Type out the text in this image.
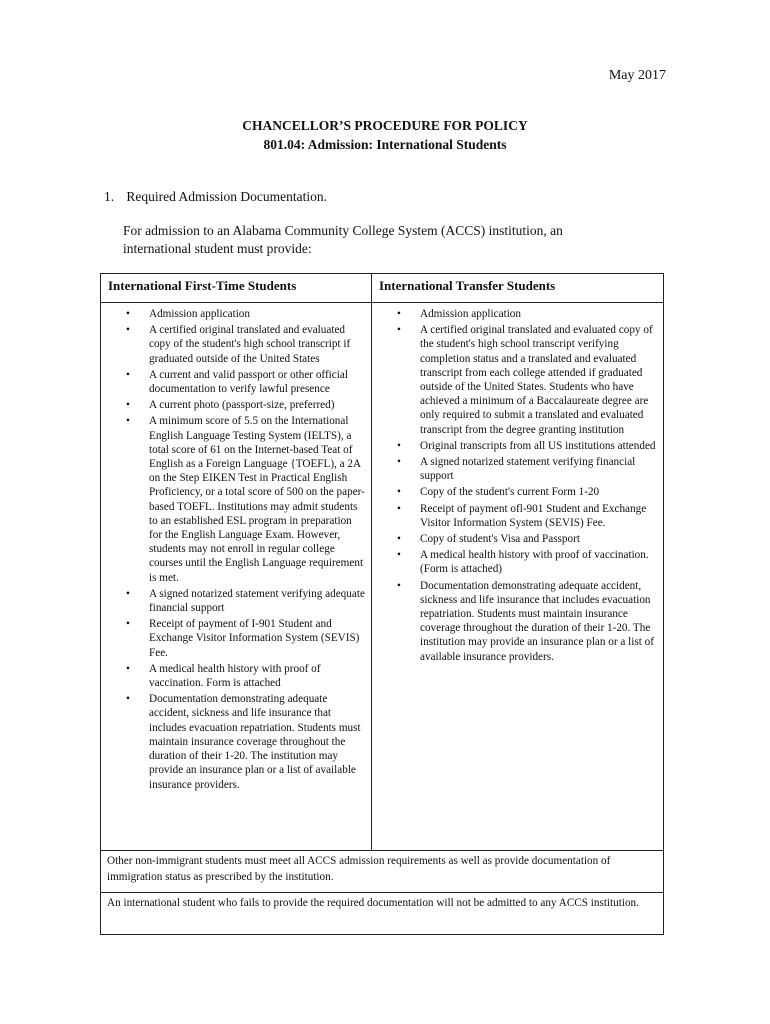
May 2017
CHANCELLOR’S PROCEDURE FOR POLICY
801.04: Admission: International Students
1. Required Admission Documentation.
For admission to an Alabama Community College System (ACCS) institution, an international student must provide:
International First-Time Students	International Transfer Students
• Admission application
• A certified original translated and evaluated copy of the student's high school transcript if graduated outside of the United States
• A current and valid passport or other official documentation to verify lawful presence
• A current photo (passport-size, preferred)
• A minimum score of 5.5 on the International English Language Testing System (IELTS), a total score of 61 on the Internet-based Teat of English as a Foreign Language {TOEFL), a 2A on the Step EIKEN Test in Practical English Proficiency, or a total score of 500 on the paper-based TOEFL. Institutions may admit students to an established ESL program in preparation for the English Language Exam. However, students may not enroll in regular college courses until the English Language requirement is met.
• A signed notarized statement verifying adequate financial support
• Receipt of payment of I-901 Student and Exchange Visitor Information System (SEVIS) Fee.
• A medical health history with proof of vaccination. Form is attached
• Documentation demonstrating adequate accident, sickness and life insurance that includes evacuation repatriation. Students must maintain insurance coverage throughout the duration of their 1-20. The institution may provide an insurance plan or a list of available insurance providers.
• Admission application
• A certified original translated and evaluated copy of the student's high school transcript verifying completion status and a translated and evaluated transcript from each college attended if graduated outside of the United States. Students who have achieved a minimum of a Baccalaureate degree are only required to submit a translated and evaluated transcript from the degree granting institution
• Original transcripts from all US institutions attended
• A signed notarized statement verifying financial support
• Copy of the student's current Form 1-20
• Receipt of payment ofl-901 Student and Exchange Visitor Information System (SEVIS) Fee.
• Copy of student's Visa and Passport
• A medical health history with proof of vaccination. (Form is attached)
• Documentation demonstrating adequate accident, sickness and life insurance that includes evacuation repatriation. Students must maintain insurance coverage throughout the duration of their 1-20. The institution may provide an insurance plan or a list of available insurance providers.
Other non-immigrant students must meet all ACCS admission requirements as well as provide documentation of immigration status as prescribed by the institution.
An international student who fails to provide the required documentation will not be admitted to any ACCS institution.
